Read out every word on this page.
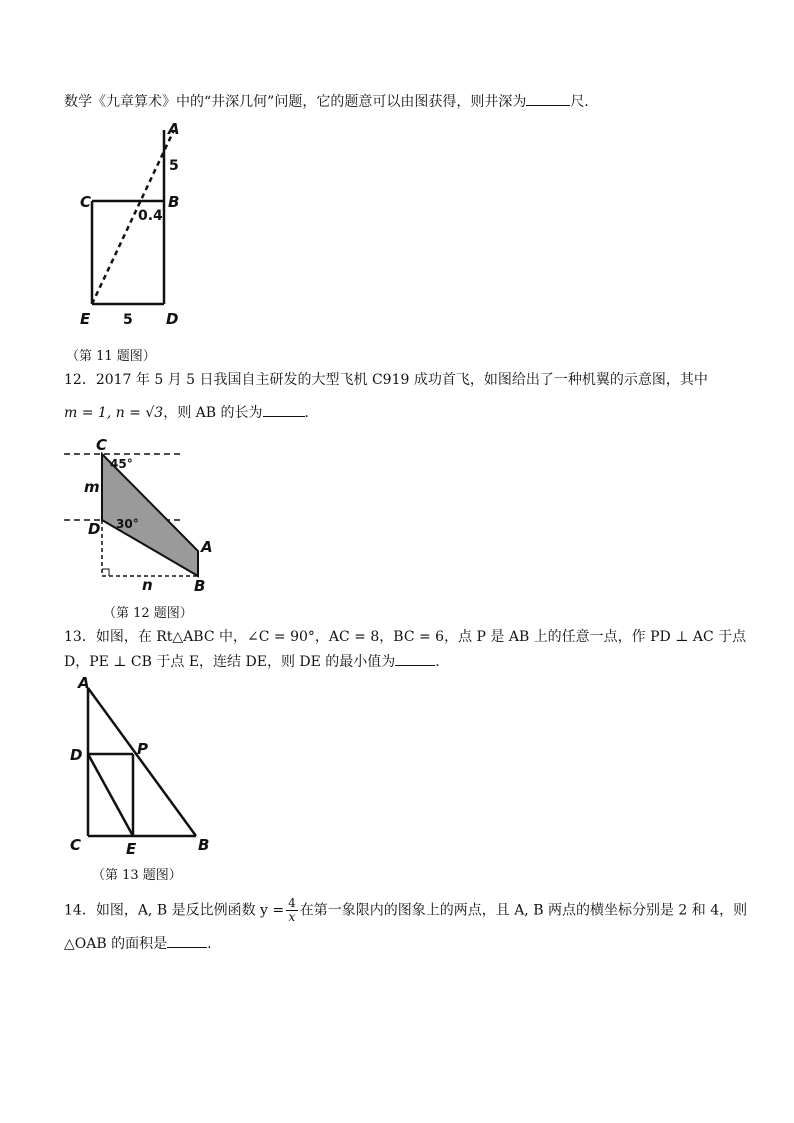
数学《九章算术》中的“井深几何”问题，它的题意可以由图获得，则井深为	尺.
A
5
C	B
0.4
E 5 D
（第 11 题图）
12．2017 年 5 月 5 日我国自主研发的大型飞机 C919 成功首飞，如图给出了一种机翼的示意图，其中
m = 1, n = √3，则 AB 的长为	.
C
45°
m
D 30°
A
B
n
（第 12 题图）
13．如图，在 Rt△ABC 中，∠C = 90°，AC = 8，BC = 6，点 P 是 AB 上的任意一点，作 PD ⊥ AC 于点
D，PE ⊥ CB 于点 E，连结 DE，则 DE 的最小值为	.
A
D	P
C	E	B
（第 13 题图）
14．如图，A, B 是反比例函数 $y = \frac{4}{x}$ 在第一象限内的图象上的两点，且 A, B 两点的横坐标分别是 2 和 4，则
△OAB 的面积是	.
